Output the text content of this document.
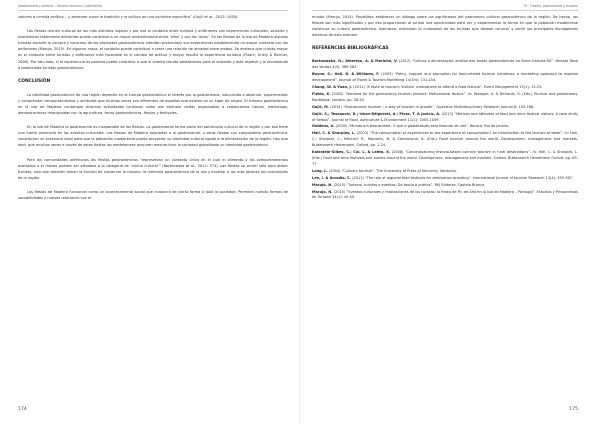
Gastronomía y turismo – Destino turismo y patrimonio

sabores a comida exótica… y aprender sobre la tradición y la cultura de una sociedad específica” (Gojić et al., 2013: 1058).

Las fiestas reúnen culturas de los más distintos lugares y por eso el contacto entre turistas y anfitriones con experiencias culturales, sociales y económicas totalmente diferentes puede contribuir a un mayor entendimiento entre ‘ellos’ y con los ‘otros’. En las fiestas de la Isla de Madeira algunos turistas durante la compra y consumo de los productos gastronómicos intentan profundizar sus experiencias estableciendo un mayor contacto con los anfitriones (Marujo, 2015). En algunos casos, el contacto puede contribuir a crear una relación de amistad entre ambos. Se destaca que cuanto mayor es el contacto entre turistas y anfitriones más favorable es el cambio de actitud y mayor resulta la experiencia turística (Pizam, Uriely & Reichel, 2000). Por otro lado, si la experiencia es positiva puede contribuir a que el evento resulte satisfactorio para el visitante y éste regrese y lo recomiende a potenciales turistas gastronómicos.

CONCLUSIÓN

La identidad gastronómica de una región depende en el cuerpo gastronómico el interés por la gastronomía, induciendo a observar, experimentar y comprender comportamientos y actitudes que muchas veces son diferentes de aquellas que existen en su lugar de origen. El turismo gastronómico en la Isla de Madeira contempla diversas actividades turísticas como por ejemplo visitas organizadas a restaurantes típicos, workshops, demostraciones relacionadas con la agricultura, ferias gastronómicas, fiestas y festivales.

En la Isla de Madeira la gastronomía es inseparable de las fiestas. La gastronomía forma parte del patrimonio cultural de la región y por eso tiene una fuerte presencia en los eventos culturales. Las fiestas de Madeira asociadas a la gastronomía, u otras fiestas con componente gastronómico, constituyen un escenario ideal para que la población madeirense pueda proyectar su identidad cultural ligada a la alimentación de la región. Hay que decir que muchas veces a través de estas fiestas los madeirenses procuran mostrar/vivir la sociedad globalizada su identidad gastronómica.

Para los comunidades anfitrionas las fiestas gastronómicas “representan un contexto único en el cual el alimento y los comportamientos asociados a él mismo pueden ser elevados a la categoría de ‘cocina cultural’” (Bortnowska et al., 2012: 374). Las fiestas no sirven sólo para atraer turistas, sino que también tienen la función de conservar la historia, la memoria gastronómica de la isla y enseñar a los más jóvenes las costumbres de la región.

Las fiestas de Madeira funcionan como un acontecimiento social que involucra de cierta forma a toda la sociedad. Permiten nuevas formas de sociabilidades y nuevas relaciones con el

174
El · Fiestas, gastronomía y turismo

mundo (Marujo, 2015). Posibilitan establecer un diálogo sobre los significados del patrimonio cultural gastronómico de la región. De hecho, las fiestas son más significados y por eso proporcionan al turista una oportunidad para ver y experimentar la forma en que la población madeirense construye su cultura gastronómica. Asimismo, estimulan la curiosidad de los turistas que desean conocer y sentir los principales divulgadores externos de este eventos.

REFERENCIAS BIBLIOGRÁFICAS
Bortnowska, H.; Alberton, A. & Marinho, V. (2012) “Cultura e alimentação: análise das festas gastronómicas na Serra Gaúcha-RS”. Revista Rosa dos Ventos 4(3): 369-383.
Boyne, S.; Hall, D. & Williams, F. (2003) “Policy, support and promotion for food-related tourism initiatives: a marketing approach to regional development”. Journal of Travel & Tourism Marketing 14(3/4): 131-154.
Chang, W. & Yuan, J. (2011) “A taste of tourism: Visitors’ motivations to attend a food festival”. Event Management 15(1): 13-23.
Fields, K. (2002) “Demand for the gastronomy tourism product: Motivational factors”. In: Hjalager, A. & Richards, G. (Eds.) Tourism and gastronomy. Routledge, London, pp. 36-50.
Gojić, M. (2015) “Gastronomic tourism – a way of tourism in growth”. Quaestus Multidisciplinary Research Journal 6: 155-166.
Gojić, S.; Tesanovic, D.; Ivkov-Džigurski, A.; Pivac, T. & Jovicic, A. (2013) “Motives and attitudes of food and drink festival visitors: A case study of Serbia”. Journal of Food, Agriculture & Environment 11(1): 1055-1059.
Giddens, A. (2000) “Mundo em descontrole: O que a globalização está fazendo de nós”. Record, Rio de Janeiro.
Hall, C. & Sharples, L. (2003) “The consumption of experiences or the experience of consumption? An introduction to the tourism of taste”. In: Hall, C.; Sharples, L.; Mitchell, R.; Macionis, N. & Cambourne, B. (Eds.) Food tourism around the world. Development, management and markets. Butterworth Heinemann, Oxford, pp. 1-24.
Kalkstein-Silkes, C.; Cai, L. & Lehto, X. (2008) “Conceptualizing festival-based culinary tourism in rural destinations”. In: Hall, C. & Sharples, L. (Eds.) Food and wine festivals and events around the world. Development, management and markets. Oxford: Butterworth Heinemann Oxford, pp. 65-77.
Long, L. (2004) “Culinary tourism”. The University of Press of Kentucky, Kentucky.
Lee, I. & Arcodia, C. (2011) “The role of regional food festivals for destination branding”. International Journal of tourism Research 13(4): 355-367.
Marujo, N. (2015) “Turismo, turistas e eventos: Da teoria à prática”. RVJ Editores, Castelo Branco.
Marujo, N. (2015) “Eventos culturales y motivaciones de los turistas: la fiesta de Fin de Año en la Isla de Madeira – Portugal”. Estudios y Perspectivas en Turismo 24(1): 40-55.
175
